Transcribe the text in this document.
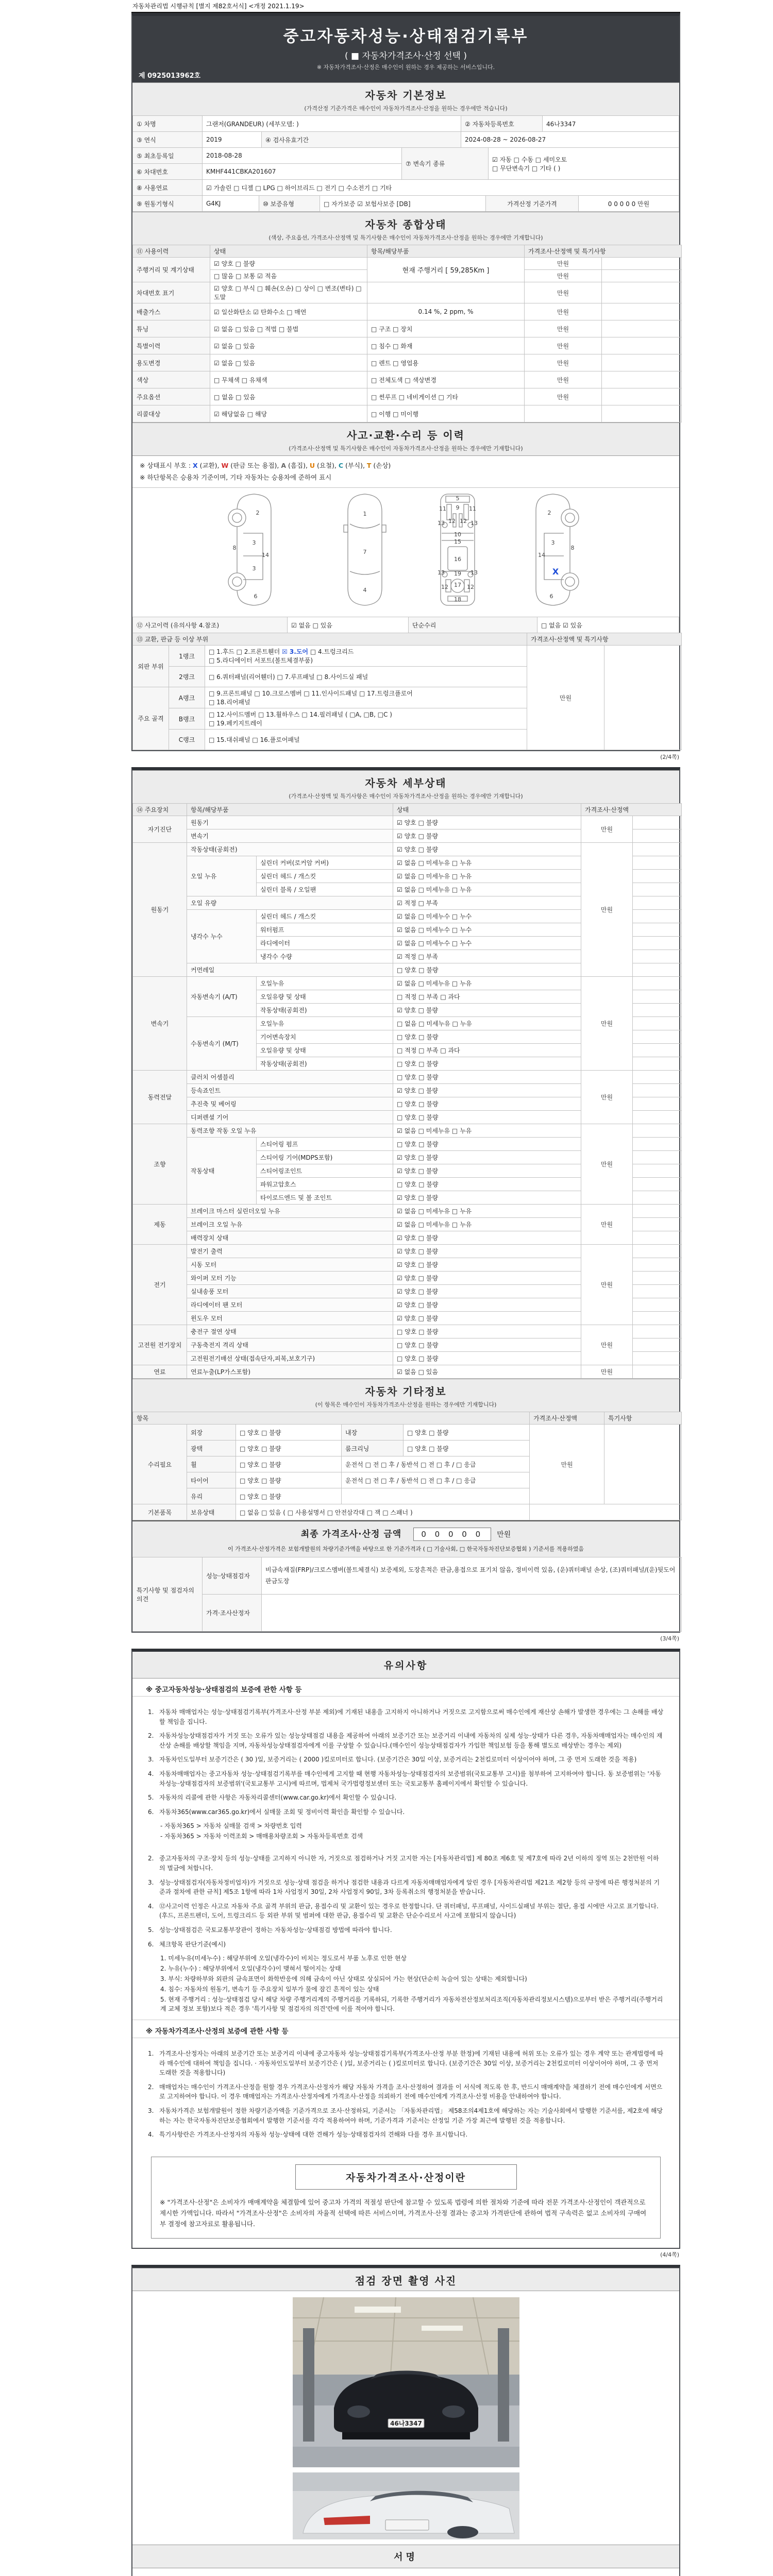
자동차관리법 시행규칙 [별지 제82호서식] <개정 2021.1.19>
중고자동차성능·상태점검기록부
( ■ 자동차가격조사·산정 선택 )
※ 자동차가격조사·산정은 매수인이 원하는 경우 제공하는 서비스입니다.
제 0925013962호
자동차 기본정보
(가격산정 기준가격은 매수인이 자동차가격조사·산정을 원하는 경우에만 적습니다)
① 차명	그랜저(GRANDEUR) (세부모델: )	② 자동차등록번호	46나3347
③ 연식	2019	④ 검사유효기간	2024-08-28 ~ 2026-08-27
⑤ 최초등록일	2018-08-28	⑦ 변속기 종류	☑ 자동 □ 수동 □ 세미오토
□ 무단변속기 □ 기타 ( )

⑥ 차대번호	KMHF441CBKA201607		
⑧ 사용연료	☑ 가솔린 □ 디젤 □ LPG □ 하이브리드 □ 전기 □ 수소전기 □ 기타
⑨ 원동기형식	G4KJ	⑩ 보증유형	□ 자가보증 ☑ 보험사보증 [DB]	가격산정 기준가격	0 0 0 0 0 만원
자동차 종합상태
(색상, 주요옵션, 가격조사·산정액 및 특기사항은 매수인이 자동차가격조사·산정을 원하는 경우에만 기재합니다)
⑪ 사용이력	상태	항목/해당부품	가격조사·산정액 및 특기사항	
주행거리 및 계기상태	☑ 양호 □ 불량	현재 주행거리 [ 59,285Km ]	만원	
	□ 많음 □ 보통 ☑ 적음		만원	
차대번호 표기	☑ 양호 □ 부식 □ 훼손(오손) □ 상이 □ 변조(변타) □ 도말		만원	
배출가스	☑ 일산화탄소 ☑ 탄화수소 □ 매연	0.14 %, 2 ppm, %	만원	
튜닝	☑ 없음 □ 있음 □ 적법 □ 불법	□ 구조 □ 장치	만원	
특별이력	☑ 없음 □ 있음	□ 침수 □ 화재	만원	
용도변경	☑ 없음 □ 있음	□ 렌트 □ 영업용	만원	
색상	□ 무채색 □ 유채색	□ 전체도색 □ 색상변경	만원	
주요옵션	□ 없음 □ 있음	□ 썬루프 □ 네비게이션 □ 기타	만원	
리콜대상	☑ 해당없음 □ 해당	□ 이행 □ 미이행		
사고·교환·수리 등 이력
(가격조사·산정액 및 특기사항은 매수인이 자동차가격조사·산정을 원하는 경우에만 기재합니다)
※ 상태표시 부호 : X (교환), W (판금 또는 용접), A (흠집), U (요철), C (부식), T (손상)
※ 하단항목은 승용차 기준이며, 기타 자동차는 승용차에 준하여 표시
2
8
3
14
3
6
1
7
4
5
11 9 11
13 12 12 13
10
15
16
19
13	13
12 17 12
18
2
3
8
14
X
6
⑫ 사고이력 (유의사항 4.참조)	☑ 없음 □ 있음	단순수리	□ 없음 ☑ 있음
⑬ 교환, 판금 등 이상 부위			가격조사·산정액 및 특기사항	
외판 부위	1랭크	□ 1.후드 □ 2.프론트휀더 ☒ 3.도어 □ 4.트렁크리드
□ 5.라디에이터 서포트(볼트체결부품)	만원	
	2랭크	□ 6.쿼터패널(리어휀더) □ 7.루프패널 □ 8.사이드실 패널		

주요 골격	A랭크	□ 9.프론트패널 □ 10.크로스멤버 □ 11.인사이드패널 □ 17.트렁크플로어
□ 18.리어패널		

	B랭크	□ 12.사이드멤버 □ 13.휠하우스 □ 14.필러패널 ( □A, □B, □C )
□ 19.페키지트레이		

	C랭크	□ 15.대쉬패널 □ 16.플로어패널		
(2/4쪽)
자동차 세부상태
(가격조사·산정액 및 특기사항은 매수인이 자동차가격조사·산정을 원하는 경우에만 기재합니다)
⑭ 주요장치	항목/해당부품		상태	가격조사·산정액	
자기진단	원동기		☑ 양호 □ 불량	만원	
	변속기		☑ 양호 □ 불량		
원동기	작동상태(공회전)		☑ 양호 □ 불량	만원	
	오일 누유	실린더 커버(로커암 커버)	☑ 없음 □ 미세누유 □ 누유		
		실린더 헤드 / 개스킷	☑ 없음 □ 미세누유 □ 누유		
		실린더 블록 / 오일팬	☑ 없음 □ 미세누유 □ 누유		
	오일 유량		☑ 적정 □ 부족		
	냉각수 누수	실린더 헤드 / 개스킷	☑ 없음 □ 미세누수 □ 누수		
		워터펌프	☑ 없음 □ 미세누수 □ 누수		
		라디에이터	☑ 없음 □ 미세누수 □ 누수		
		냉각수 수량	☑ 적정 □ 부족		
	커먼레일		□ 양호 □ 불량		
변속기	자동변속기 (A/T)	오일누유	☑ 없음 □ 미세누유 □ 누유	만원	
		오일유량 및 상태	□ 적정 □ 부족 □ 과다		
		작동상태(공회전)	☑ 양호 □ 불량		
	수동변속기 (M/T)	오일누유	□ 없음 □ 미세누유 □ 누유		
		기어변속장치	□ 양호 □ 불량		
		오일유량 및 상태	□ 적정 □ 부족 □ 과다		
		작동상태(공회전)	□ 양호 □ 불량		
동력전달	클러치 어셈블리		□ 양호 □ 불량	만원	
	등속죠인트		☑ 양호 □ 불량		
	추진축 및 베어링		□ 양호 □ 불량		
	디퍼렌셜 기어		□ 양호 □ 불량		
조향	동력조향 작동 오일 누유		☑ 없음 □ 미세누유 □ 누유	만원	
	작동상태	스티어링 펌프	□ 양호 □ 불량		
		스티어링 기어(MDPS포함)	☑ 양호 □ 불량		
		스티어링조인트	☑ 양호 □ 불량		
		파워고압호스	□ 양호 □ 불량		
		타이로드엔드 및 볼 조인트	☑ 양호 □ 불량		
제동	브레이크 마스터 실린더오일 누유		☑ 없음 □ 미세누유 □ 누유	만원	
	브레이크 오일 누유		☑ 없음 □ 미세누유 □ 누유		
	배력장치 상태		☑ 양호 □ 불량		
전기	발전기 출력		☑ 양호 □ 불량	만원	
	시동 모터		☑ 양호 □ 불량		
	와이퍼 모터 기능		☑ 양호 □ 불량		
	실내송풍 모터		☑ 양호 □ 불량		
	라디에이터 팬 모터		☑ 양호 □ 불량		
	윈도우 모터		☑ 양호 □ 불량		
고전원 전기장치	충전구 절연 상태		□ 양호 □ 불량	만원	
	구동축전지 격리 상태		□ 양호 □ 불량		
	고전원전기배선 상태(접속단자,피복,보호기구)		□ 양호 □ 불량		
연료	연료누출(LP가스포함)		☑ 없음 □ 있음	만원	
자동차 기타정보
(이 항목은 매수인이 자동차가격조사·산정을 원하는 경우에만 기재합니다)
항목					가격조사·산정액	특기사항
수리필요	외장	□ 양호 □ 불량	내장	□ 양호 □ 불량	만원	
	광택	□ 양호 □ 불량	룸크리닝	□ 양호 □ 불량		
	휠	□ 양호 □ 불량	운전석 □ 전 □ 후 / 동반석 □ 전 □ 후 / □ 응급			
	타이어	□ 양호 □ 불량	운전석 □ 전 □ 후 / 동반석 □ 전 □ 후 / □ 응급			
	유리	□ 양호 □ 불량				
기본품목	보유상태	□ 없음 □ 있음 ( □ 사용설명서 □ 안전삼각대 □ 잭 □ 스패너 )				
최종 가격조사·산정 금액	0 0 0 0 0 만원
이 가격조사·산정가격은 보험개발원의 차량기준가액을 바탕으로 한 기준가격과 ( □ 기술사회, □ 한국자동차진단보증협회 ) 기준서를 적용하였음
특기사항 및 점검자의 의견	성능·상태점검자	비금속재질(FRP)/크로스멤버(볼트체결식) 보증제외, 도장흔적은 판금,용접으로 표기치 않음, 정비이력 있음, (운)쿼터패널 손상, (조)쿼터패널/(운)뒷도어 판금도장
	가격·조사산정자	
(3/4쪽)
유의사항
※ 중고자동차성능·상태점검의 보증에 관한 사항 등
1. 자동차 매매업자는 성능·상태점검기록부(가격조사·산정 부분 제외)에 기재된 내용을 고지하지 아니하거나 거짓으로 고지함으로써 매수인에게 재산상 손해가 발생한 경우에는 그 손해를 배상할 책임을 집니다.
2. 자동차성능상태점검자가 거짓 또는 오류가 있는 성능상태점검 내용을 제공하여 아래의 보증기간 또는 보증거리 이내에 자동차의 실제 성능·상태가 다른 경우, 자동차매매업자는 매수인의 재산상 손해를 배상할 책임을 지며, 자동차성능상태점검자에게 이를 구상할 수 있습니다.(매수인이 성능상태점검자가 가입한 책임보험 등을 통해 별도로 배상받는 경우는 제외)
3. 자동차인도일부터 보증기간은 ( 30 )일, 보증거리는 ( 2000 )킬로미터로 합니다. (보증기간은 30일 이상, 보증거리는 2천킬로미터 이상이어야 하며, 그 중 먼저 도래한 것을 적용)
4. 자동차매매업자는 중고자동차 성능·상태점검기록부를 매수인에게 고지할 때 현행 자동차성능·상태점검자의 보증범위(국토교통부 고시)를 첨부하여 고지하여야 합니다. 동 보증범위는 '자동차성능·상태점검자의 보증범위'(국토교통부 고시)에 따르며, 법제처 국가법령정보센터 또는 국토교통부 홈페이지에서 확인할 수 있습니다.
5. 자동차의 리콜에 관한 사항은 자동차리콜센터(www.car.go.kr)에서 확인할 수 있습니다.
6. 자동차365(www.car365.go.kr)에서 실매물 조회 및 정비이력 확인을 확인할 수 있습니다.
- 자동차365 > 자동차 실매물 검색 > 차량번호 입력
- 자동차365 > 자동차 이력조회 > 매매용차량조회 > 자동차등록번호 검색
2. 중고자동차의 구조·장치 등의 성능·상태를 고지하지 아니한 자, 거짓으로 점검하거나 거짓 고지한 자는 [자동차관리법] 제 80조 제6호 및 제7호에 따라 2년 이하의 징역 또는 2천만원 이하의 벌금에 처합니다.
3. 성능·상태점검자(자동차정비업자)가 거짓으로 성능·상태 점검을 하거나 점검한 내용과 다르게 자동차매매업자에게 알린 경우 [자동차관리법 제21조 제2항 등의 규정에 따른 행정처분의 기준과 절차에 관한 규칙] 제5조 1항에 따라 1차 사업정지 30일, 2차 사업정지 90일, 3차 등록취소의 행정처분을 받습니다.
4. ⑫사고이력 인정은 사고로 자동차 주요 골격 부위의 판금, 용접수리 및 교환이 있는 경우로 한정합니다. 단 쿼터패널, 루프패널, 사이드실패널 부위는 절단, 용접 시에만 사고로 표기합니다. (후드, 프론트펜더, 도어, 트렁크리드 등 외판 부위 및 범퍼에 대한 판금, 용접수리 및 교환은 단순수리로서 사고에 포함되지 않습니다)
5. 성능·상태점검은 국토교통부장관이 정하는 자동차성능·상태점검 방법에 따라야 합니다.
6. 체크항목 판단기준(예시)
1. 미세누유(미세누수) : 해당부위에 오일(냉각수)이 비치는 정도로서 부품 노후로 인한 현상
2. 누유(누수) : 해당부위에서 오일(냉각수)이 맺혀서 떨어지는 상태
3. 부식: 차량하부와 외판의 금속표면이 화학반응에 의해 금속이 아닌 상태로 상실되어 가는 현상(단순히 녹슬어 있는 상태는 제외합니다)
4. 침수: 자동차의 원동기, 변속기 등 주요장치 일부가 물에 잠긴 흔적이 있는 상태
5. 현재 주행거리 : 성능·상태점검 당시 해당 차량 주행거리계의 주행거리를 기록하되, 기록한 주행거리가 자동차전산정보처리조직(자동차관리정보시스템)으로부터 받은 주행거리(주행거리계 교체 정보 포함)보다 적은 경우 '특기사항 및 점검자의 의견'란에 이를 적어야 합니다.
※ 자동차가격조사·산정의 보증에 관한 사항 등
1. 가격조사·산정자는 아래의 보증기간 또는 보증거리 이내에 중고자동차 성능·상태점검기록부(가격조사·산정 부분 한정)에 기재된 내용에 허위 또는 오류가 있는 경우 계약 또는 관계법령에 따라 매수인에 대하여 책임을 집니다. · 자동차인도일부터 보증기간은 ( )일, 보증거리는 ( )킬로미터로 합니다. (보증기간은 30일 이상, 보증거리는 2천킬로미터 이상이어야 하며, 그 중 먼저 도래한 것을 적용합니다)
2. 매매업자는 매수인이 가격조사·산정을 원할 경우 가격조사·산정자가 해당 자동차 가격을 조사·산정하여 결과를 이 서식에 적도록 한 후, 반드시 매매계약을 체결하기 전에 매수인에게 서면으로 고지하여야 합니다. 이 경우 매매업자는 가격조사·산정자에게 가격조사·산정을 의뢰하기 전에 매수인에게 가격조사·산정 비용을 안내하여야 합니다.
3. 자동차가격은 보험개발원이 정한 차량기준가액을 기준가격으로 조사·산정하되, 기준서는 「자동차관리법」 제58조의4제1호에 해당하는 자는 기술사회에서 발행한 기준서를, 제2호에 해당하는 자는 한국자동차진단보증협회에서 발행한 기준서를 각각 적용하여야 하며, 기준가격과 기준서는 산정일 기준 가장 최근에 발행된 것을 적용합니다.
4. 특기사항란은 가격조사·산정자의 자동차 성능·상태에 대한 견해가 성능·상태점검자의 견해와 다를 경우 표시합니다.
자동차가격조사·산정이란
※ "가격조사·산정"은 소비자가 매매계약을 체결함에 있어 중고차 가격의 적절성 판단에 참고할 수 있도록 법령에 의한 절차와 기준에 따라 전문 가격조사·산정인이 객관적으로 제시한 가액입니다. 따라서 "가격조사·산정"은 소비자의 자율적 선택에 따른 서비스이며, 가격조사·산정 결과는 중고차 가격판단에 관하여 법적 구속력은 없고 소비자의 구매여부 결정에 참고자료로 활용됩니다.
(4/4쪽)
점검 장면 촬영 사진
46나3347
서명
